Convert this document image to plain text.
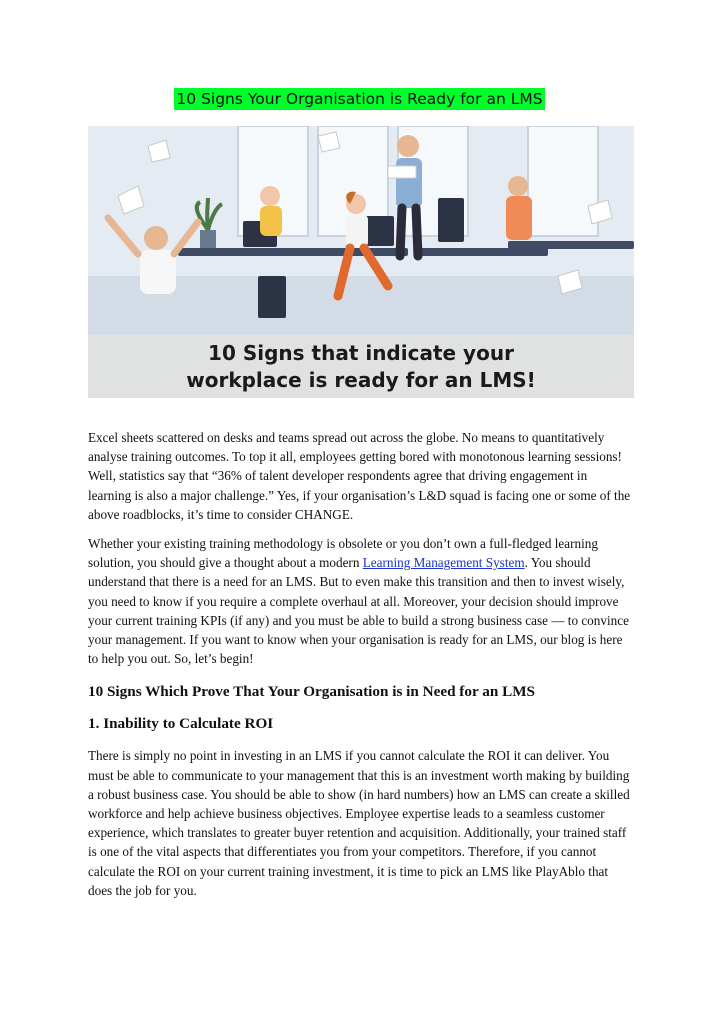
10 Signs Your Organisation is Ready for an LMS
10 Signs that indicate your
workplace is ready for an LMS!

Excel sheets scattered on desks and teams spread out across the globe. No means to quantitatively analyse training outcomes. To top it all, employees getting bored with monotonous learning sessions! Well, statistics say that “36% of talent developer respondents agree that driving engagement in learning is also a major challenge.” Yes, if your organisation’s L&D squad is facing one or some of the above roadblocks, it’s time to consider CHANGE.

Whether your existing training methodology is obsolete or you don’t own a full-fledged learning solution, you should give a thought about a modern Learning Management System. You should understand that there is a need for an LMS. But to even make this transition and then to invest wisely, you need to know if you require a complete overhaul at all. Moreover, your decision should improve your current training KPIs (if any) and you must be able to build a strong business case — to convince your management. If you want to know when your organisation is ready for an LMS, our blog is here to help you out. So, let’s begin!

10 Signs Which Prove That Your Organisation is in Need for an LMS
1. Inability to Calculate ROI

There is simply no point in investing in an LMS if you cannot calculate the ROI it can deliver. You must be able to communicate to your management that this is an investment worth making by building a robust business case. You should be able to show (in hard numbers) how an LMS can create a skilled workforce and help achieve business objectives. Employee expertise leads to a seamless customer experience, which translates to greater buyer retention and acquisition. Additionally, your trained staff is one of the vital aspects that differentiates you from your competitors. Therefore, if you cannot calculate the ROI on your current training investment, it is time to pick an LMS like PlayAblo that does the job for you.
